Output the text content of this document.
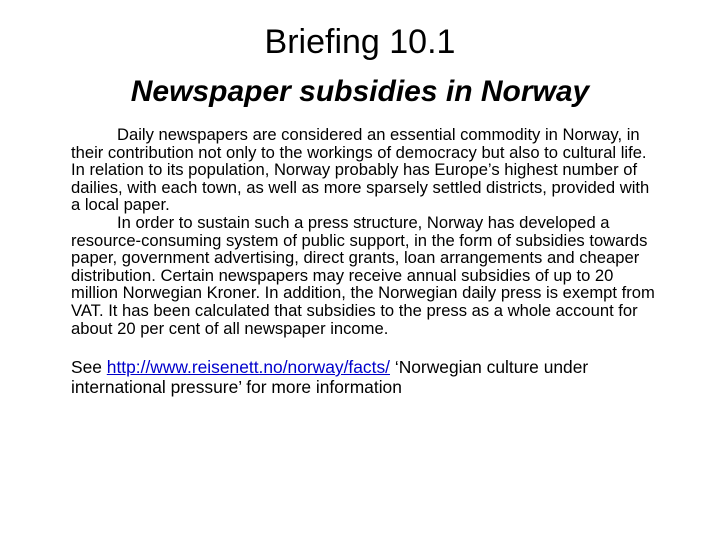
Briefing 10.1
Newspaper subsidies in Norway

Daily newspapers are considered an essential commodity in Norway, in their contribution not only to the workings of democracy but also to cultural life. In relation to its population, Norway probably has Europe’s highest number of dailies, with each town, as well as more sparsely settled districts, provided with a local paper.

In order to sustain such a press structure, Norway has developed a resource-consuming system of public support, in the form of subsidies towards paper, government advertising, direct grants, loan arrangements and cheaper distribution. Certain newspapers may receive annual subsidies of up to 20 million Norwegian Kroner. In addition, the Norwegian daily press is exempt from VAT. It has been calculated that subsidies to the press as a whole account for about 20 per cent of all newspaper income.

See http://www.reisenett.no/norway/facts/ ‘Norwegian culture under international pressure’ for more information
